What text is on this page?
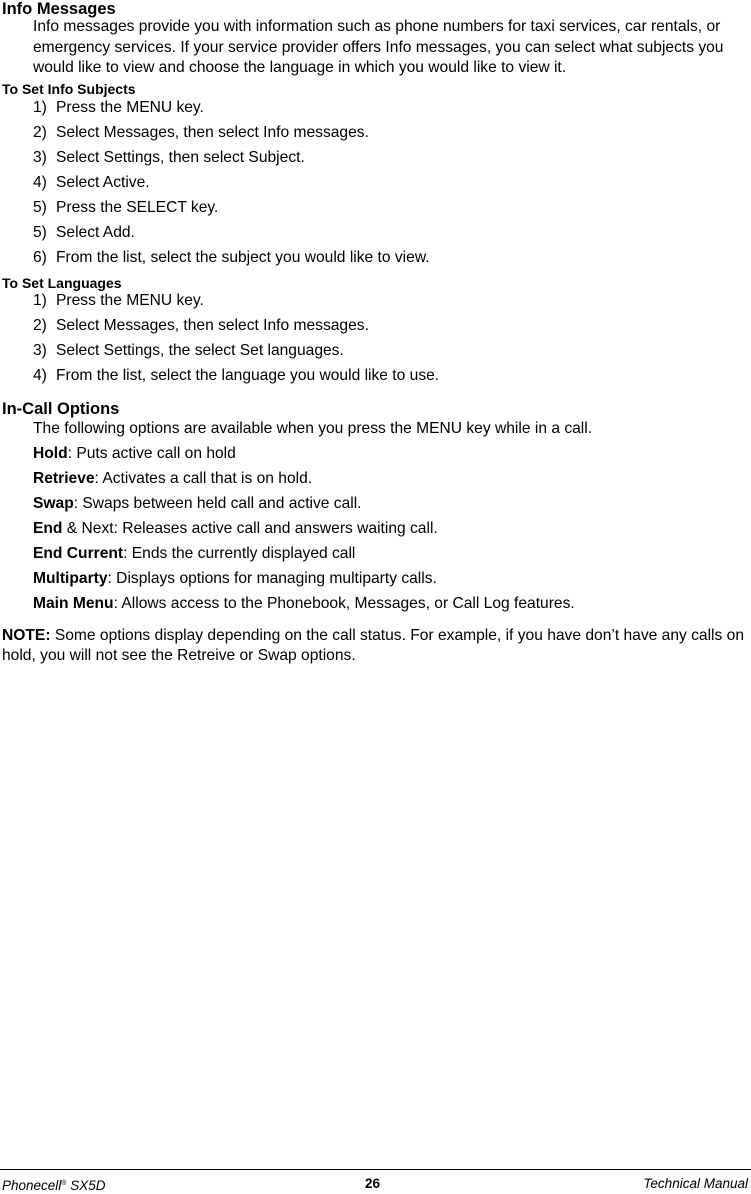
Info Messages
Info messages provide you with information such as phone numbers for taxi services, car rentals, or emergency services. If your service provider offers Info messages, you can select what subjects you would like to view and choose the language in which you would like to view it.
To Set Info Subjects
1) Press the MENU key.
2) Select Messages, then select Info messages.
3) Select Settings, then select Subject.
4) Select Active.
5) Press the SELECT key.
5) Select Add.
6) From the list, select the subject you would like to view.
To Set Languages
1) Press the MENU key.
2) Select Messages, then select Info messages.
3) Select Settings, the select Set languages.
4) From the list, select the language you would like to use.
In-Call Options
The following options are available when you press the MENU key while in a call.
Hold: Puts active call on hold
Retrieve: Activates a call that is on hold.
Swap: Swaps between held call and active call.
End & Next: Releases active call and answers waiting call.
End Current: Ends the currently displayed call
Multiparty: Displays options for managing multiparty calls.
Main Menu: Allows access to the Phonebook, Messages, or Call Log features.
NOTE: Some options display depending on the call status. For example, if you have don’t have any calls on hold, you will not see the Retreive or Swap options.
Phonecell® SX5D	26	Technical Manual
